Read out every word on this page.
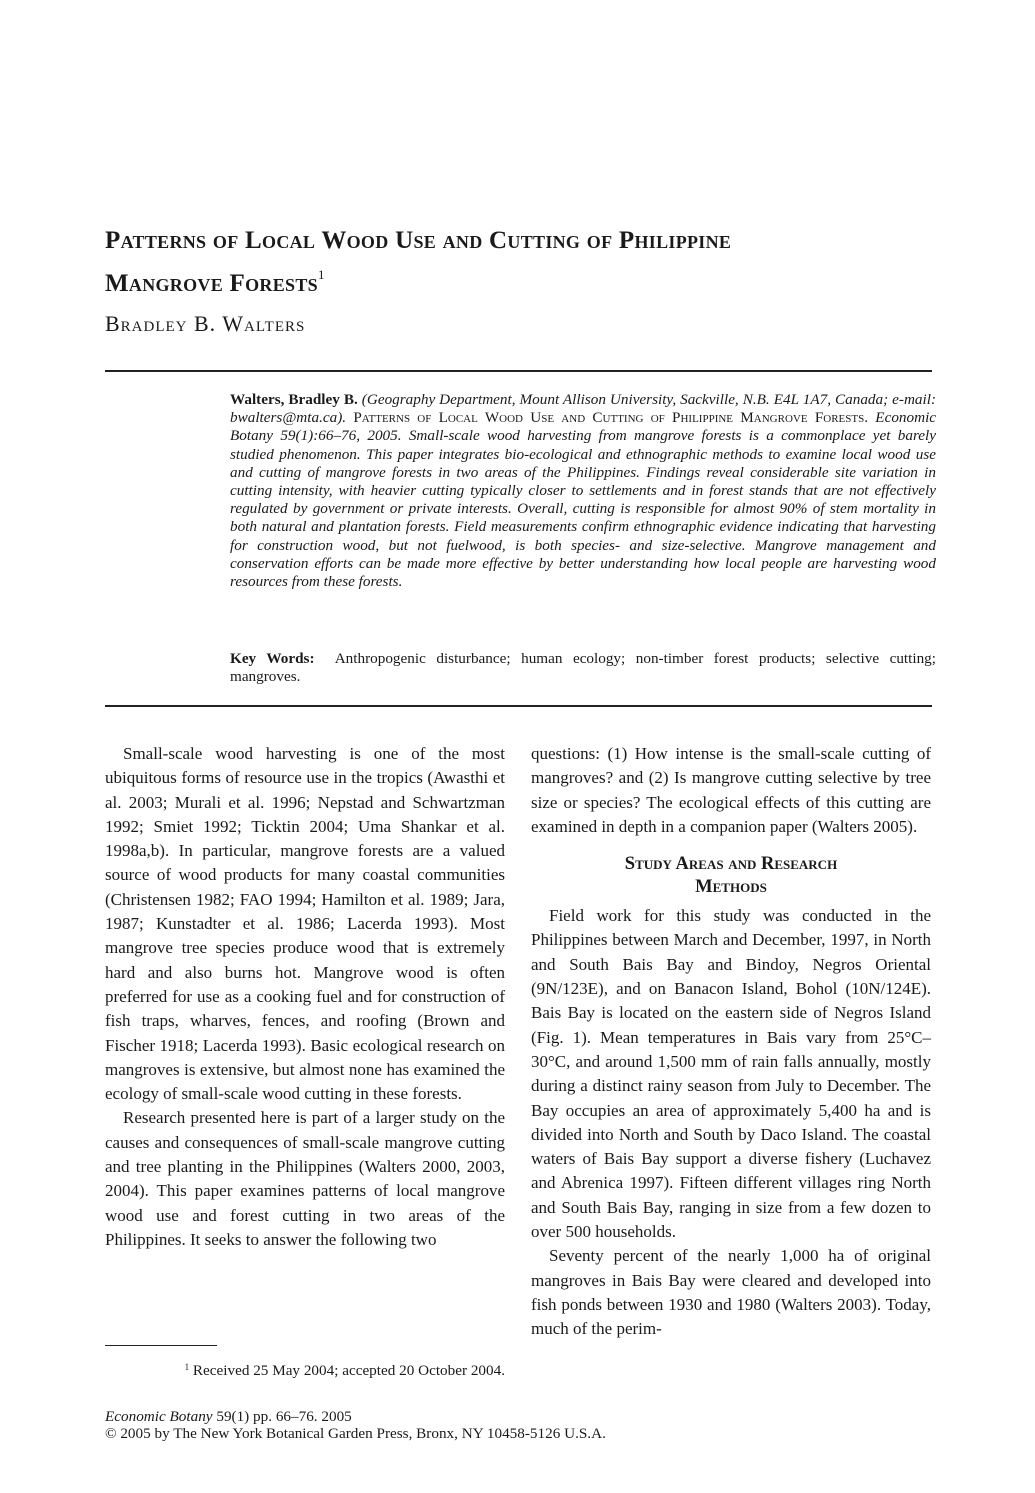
Patterns of Local Wood Use and Cutting of Philippine
Mangrove Forests$^1$

Bradley B. Walters

Walters, Bradley B. (Geography Department, Mount Allison University, Sackville, N.B. E4L 1A7, Canada; e-mail: bwalters@mta.ca). Patterns of Local Wood Use and Cutting of Philippine Mangrove Forests. Economic Botany 59(1):66–76, 2005. Small-scale wood harvesting from mangrove forests is a commonplace yet barely studied phenomenon. This paper integrates bio-ecological and ethnographic methods to examine local wood use and cutting of mangrove forests in two areas of the Philippines. Findings reveal considerable site variation in cutting intensity, with heavier cutting typically closer to settlements and in forest stands that are not effectively regulated by government or private interests. Overall, cutting is responsible for almost 90% of stem mortality in both natural and plantation forests. Field measurements confirm ethnographic evidence indicating that harvesting for construction wood, but not fuelwood, is both species- and size-selective. Mangrove management and conservation efforts can be made more effective by better understanding how local people are harvesting wood resources from these forests.

Key Words: Anthropogenic disturbance; human ecology; non-timber forest products; selective cutting; mangroves.

Small-scale wood harvesting is one of the most ubiquitous forms of resource use in the tropics (Awasthi et al. 2003; Murali et al. 1996; Nepstad and Schwartzman 1992; Smiet 1992; Ticktin 2004; Uma Shankar et al. 1998a,b). In particular, mangrove forests are a valued source of wood products for many coastal communities (Christensen 1982; FAO 1994; Hamilton et al. 1989; Jara, 1987; Kunstadter et al. 1986; Lacerda 1993). Most mangrove tree species produce wood that is extremely hard and also burns hot. Mangrove wood is often preferred for use as a cooking fuel and for construction of fish traps, wharves, fences, and roofing (Brown and Fischer 1918; Lacerda 1993). Basic ecological research on mangroves is extensive, but almost none has examined the ecology of small-scale wood cutting in these forests.

Research presented here is part of a larger study on the causes and consequences of small-scale mangrove cutting and tree planting in the Philippines (Walters 2000, 2003, 2004). This paper examines patterns of local mangrove wood use and forest cutting in two areas of the Philippines. It seeks to answer the following two

questions: (1) How intense is the small-scale cutting of mangroves? and (2) Is mangrove cutting selective by tree size or species? The ecological effects of this cutting are examined in depth in a companion paper (Walters 2005).

Study Areas and Research
Methods

Field work for this study was conducted in the Philippines between March and December, 1997, in North and South Bais Bay and Bindoy, Negros Oriental (9N/123E), and on Banacon Island, Bohol (10N/124E). Bais Bay is located on the eastern side of Negros Island (Fig. 1). Mean temperatures in Bais vary from 25°C–30°C, and around 1,500 mm of rain falls annually, mostly during a distinct rainy season from July to December. The Bay occupies an area of approximately 5,400 ha and is divided into North and South by Daco Island. The coastal waters of Bais Bay support a diverse fishery (Luchavez and Abrenica 1997). Fifteen different villages ring North and South Bais Bay, ranging in size from a few dozen to over 500 households.

Seventy percent of the nearly 1,000 ha of original mangroves in Bais Bay were cleared and developed into fish ponds between 1930 and 1980 (Walters 2003). Today, much of the perim-

$^1$ Received 25 May 2004; accepted 20 October 2004.

Economic Botany 59(1) pp. 66–76. 2005

© 2005 by The New York Botanical Garden Press, Bronx, NY 10458-5126 U.S.A.
